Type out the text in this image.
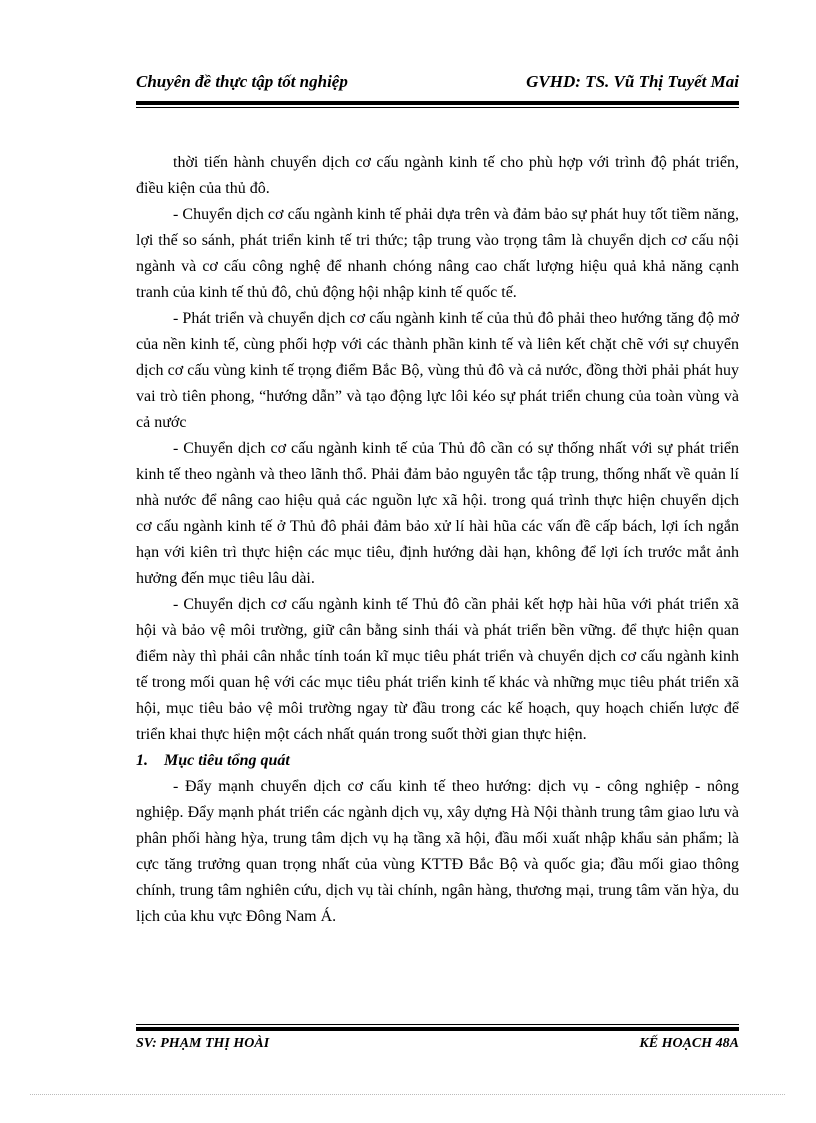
Chuyên đề thực tập tốt nghiệp	GVHD: TS. Vũ Thị Tuyết Mai

thời tiến hành chuyển dịch cơ cấu ngành kinh tế cho phù hợp với trình độ phát triển, điều kiện của thủ đô.

- Chuyển dịch cơ cấu ngành kinh tế phải dựa trên và đảm bảo sự phát huy tốt tiềm năng, lợi thế so sánh, phát triển kinh tế tri thức; tập trung vào trọng tâm là chuyển dịch cơ cấu nội ngành và cơ cấu công nghệ để nhanh chóng nâng cao chất lượng hiệu quả khả năng cạnh tranh của kinh tế thủ đô, chủ động hội nhập kinh tế quốc tế.

- Phát triển và chuyển dịch cơ cấu ngành kinh tế của thủ đô phải theo hướng tăng độ mở của nền kinh tế, cùng phối hợp với các thành phần kinh tế và liên kết chặt chẽ với sự chuyển dịch cơ cấu vùng kinh tế trọng điểm Bắc Bộ, vùng thủ đô và cả nước, đồng thời phải phát huy vai trò tiên phong, “hướng dẫn” và tạo động lực lôi kéo sự phát triển chung của toàn vùng và cả nước

- Chuyển dịch cơ cấu ngành kinh tế của Thủ đô cần có sự thống nhất với sự phát triển kinh tế theo ngành và theo lãnh thổ. Phải đảm bảo nguyên tắc tập trung, thống nhất về quản lí nhà nước để nâng cao hiệu quả các nguồn lực xã hội. trong quá trình thực hiện chuyển dịch cơ cấu ngành kinh tế ở Thủ đô phải đảm bảo xử lí hài hũa các vấn đề cấp bách, lợi ích ngắn hạn với kiên trì thực hiện các mục tiêu, định hướng dài hạn, không để lợi ích trước mắt ảnh hưởng đến mục tiêu lâu dài.

- Chuyển dịch cơ cấu ngành kinh tế Thủ đô cần phải kết hợp hài hũa với phát triển xã hội và bảo vệ môi trường, giữ cân bằng sinh thái và phát triển bền vững. để thực hiện quan điểm này thì phải cân nhắc tính toán kĩ mục tiêu phát triển và chuyển dịch cơ cấu ngành kinh tế trong mối quan hệ với các mục tiêu phát triển kinh tế khác và những mục tiêu phát triển xã hội, mục tiêu bảo vệ môi trường ngay từ đầu trong các kế hoạch, quy hoạch chiến lược để triển khai thực hiện một cách nhất quán trong suốt thời gian thực hiện.

1. Mục tiêu tổng quát

- Đẩy mạnh chuyển dịch cơ cấu kinh tế theo hướng: dịch vụ - công nghiệp - nông nghiệp. Đẩy mạnh phát triển các ngành dịch vụ, xây dựng Hà Nội thành trung tâm giao lưu và phân phối hàng hỳa, trung tâm dịch vụ hạ tầng xã hội, đầu mối xuất nhập khẩu sản phẩm; là cực tăng trưởng quan trọng nhất của vùng KTTĐ Bắc Bộ và quốc gia; đầu mối giao thông chính, trung tâm nghiên cứu, dịch vụ tài chính, ngân hàng, thương mại, trung tâm văn hỳa, du lịch của khu vực Đông Nam Á.

SV: PHẠM THỊ HOÀI	KẾ HOẠCH 48A
